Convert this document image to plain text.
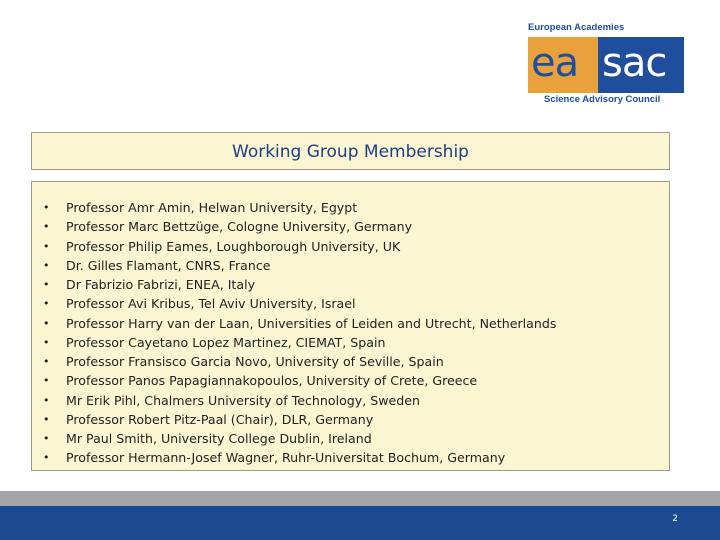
European Academies
ea sac
Science Advisory Council
Working Group Membership
• Professor Amr Amin, Helwan University, Egypt
• Professor Marc Bettzüge, Cologne University, Germany
• Professor Philip Eames, Loughborough University, UK
• Dr. Gilles Flamant, CNRS, France
• Dr Fabrizio Fabrizi, ENEA, Italy
• Professor Avi Kribus, Tel Aviv University, Israel
• Professor Harry van der Laan, Universities of Leiden and Utrecht, Netherlands
• Professor Cayetano Lopez Martinez, CIEMAT, Spain
• Professor Fransisco Garcia Novo, University of Seville, Spain
• Professor Panos Papagiannakopoulos, University of Crete, Greece
• Mr Erik Pihl, Chalmers University of Technology, Sweden
• Professor Robert Pitz-Paal (Chair), DLR, Germany
• Mr Paul Smith, University College Dublin, Ireland
• Professor Hermann-Josef Wagner, Ruhr-Universitat Bochum, Germany
2
